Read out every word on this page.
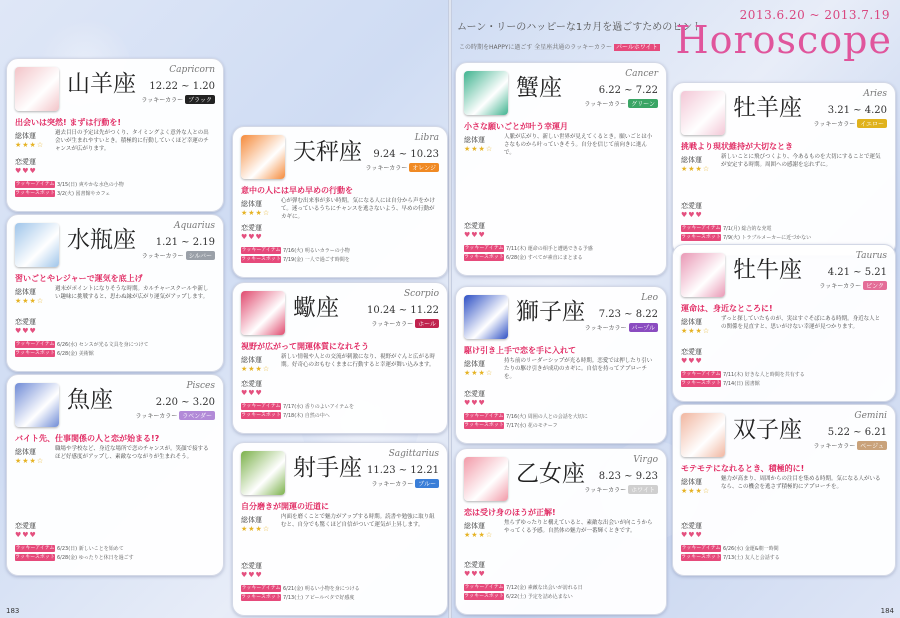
ムーン・リーのハッピーな1カ月を過ごすためのヒント
この時期をHAPPYに過ごす 全星座共通のラッキーカラー パールホワイト
2013.6.20 ~ 2013.7.19
Horoscope
山羊座
Capricorn
12.22 ~ 1.20
ラッキーカラー ブラック
出会いは突然! まずは行動を!
総体運
★★★☆
過去目日の予定は先がつくり、タイミングよく意外な人との出会いが生まれやすいとき。積極的に行動していくほど幸運のチャンスが広がります。
恋愛運
♥♥♥
ラッキーアイテム
ラッキースポット
3/15(日) 爽やかな水色の小物
3/2(火) 図書館やカフェ
水瓶座
Aquarius
1.21 ~ 2.19
ラッキーカラー シルバー
習いごとやレジャーで運気を底上げ
総体運
★★★☆
週末がポイントになりそうな時期。カルチャースクールや新しい趣味に挑戦すると、思わぬ縁が広がり運気がアップします。
恋愛運
♥♥♥
ラッキーアイテム
ラッキースポット
6/26(水) センスが光る文具を身につけて
6/28(金) 美術館
魚座
Pisces
2.20 ~ 3.20
ラッキーカラー ラベンダー
バイト先、仕事関係の人と恋が始まる!?
総体運
★★★☆
職場や学校など、身近な場所で恋のチャンスが。笑顔で接するほど好感度がアップし、素敵なつながりが生まれそう。
恋愛運
♥♥♥
ラッキーアイテム
ラッキースポット
6/23(日) 新しいことを始めて
6/28(金) ゆったりと休日を過ごす
天秤座
Libra
9.24 ~ 10.23
ラッキーカラー オレンジ
意中の人には早め早めの行動を
総体運
★★★☆
心が弾む出来事が多い時期。気になる人には自分から声をかけて。迷っているうちにチャンスを逃さないよう、早めの行動がカギに。
恋愛運
♥♥♥
ラッキーアイテム
ラッキースポット
7/16(火) 明るいカラーの小物
7/19(金) 一人で過ごす時間を
蠍座
Scorpio
10.24 ~ 11.22
ラッキーカラー ホール
視野が広がって開運体質になれそう
総体運
★★★☆
新しい情報や人との交流が刺激になり、視野がぐんと広がる時期。好奇心のおもむくままに行動すると幸運が舞い込みます。
恋愛運
♥♥♥
ラッキーアイテム
ラッキースポット
7/17(水) 香りのよいアイテムを
7/18(木) 自然の中へ
射手座
Sagittarius
11.23 ~ 12.21
ラッキーカラー ブルー
自分磨きが開運の近道に
総体運
★★★☆
内面を磨くことで魅力がアップする時期。読書や勉強に取り組むと、自分でも驚くほど自信がついて運気が上昇します。
恋愛運
♥♥♥
ラッキーアイテム
ラッキースポット
6/21(金) 明るい小物を身につける
7/13(土) アピールベタで好感度
蟹座
Cancer
6.22 ~ 7.22
ラッキーカラー グリーン
小さな願いごとが叶う幸運月
総体運
★★★☆
人脈が広がり、新しい世界が見えてくるとき。願いごとは小さなものから叶っていきそう。自分を信じて前向きに進んで。
恋愛運
♥♥♥
ラッキーアイテム
ラッキースポット
7/11(木) 運命の相手と遭遇できる予感
6/28(金) すべてが素直にまとまる
獅子座
Leo
7.23 ~ 8.22
ラッキーカラー パープル
駆け引き上手で恋を手に入れて
総体運
★★★☆
持ち前のリーダーシップが光る時期。恋愛では押したり引いたりの駆け引きが成功のカギに。自信を持ってアプローチを。
恋愛運
♥♥♥
ラッキーアイテム
ラッキースポット
7/16(火) 周囲の人との会話を大切に
7/17(水) 花のモチーフ
乙女座
Virgo
8.23 ~ 9.23
ラッキーカラー ホワイト
恋は受け身のほうが正解!
総体運
★★★☆
焦らずゆったりと構えていると、素敵な出会いが向こうからやってくる予感。自然体の魅力が一番輝くときです。
恋愛運
♥♥♥
ラッキーアイテム
ラッキースポット
7/12(金) 素敵な出会いが訪れる日
6/22(土) 予定を詰め込まない
牡羊座
Aries
3.21 ~ 4.20
ラッキーカラー イエロー
挑戦より現状維持が大切なとき
総体運
★★★☆
新しいことに飛びつくより、今あるものを大切にすることで運気が安定する時期。周囲への感謝を忘れずに。
恋愛運
♥♥♥
ラッキーアイテム
ラッキースポット
7/1(月) 総合的な充電
7/9(火) トラブルメーカーに近づかない
牡牛座
Taurus
4.21 ~ 5.21
ラッキーカラー ピンク
運命は、身近なところに!
総体運
★★★☆
ずっと探していたものが、実はすぐそばにある時期。身近な人との関係を見直すと、思いがけない幸運が見つかります。
恋愛運
♥♥♥
ラッキーアイテム
ラッキースポット
7/11(木) 好きな人と時間を共有する
7/14(日) 図書館
双子座
Gemini
5.22 ~ 6.21
ラッキーカラー ベージュ
モテモテになれるとき、積極的に!
総体運
★★★☆
魅力が高まり、周囲からの注目を集める時期。気になる人がいるなら、この機会を逃さず積極的にアプローチを。
恋愛運
♥♥♥
ラッキーアイテム
ラッキースポット
6/26(水) 金運&朝一時間
7/13(土) 友人と会話する
183	184
